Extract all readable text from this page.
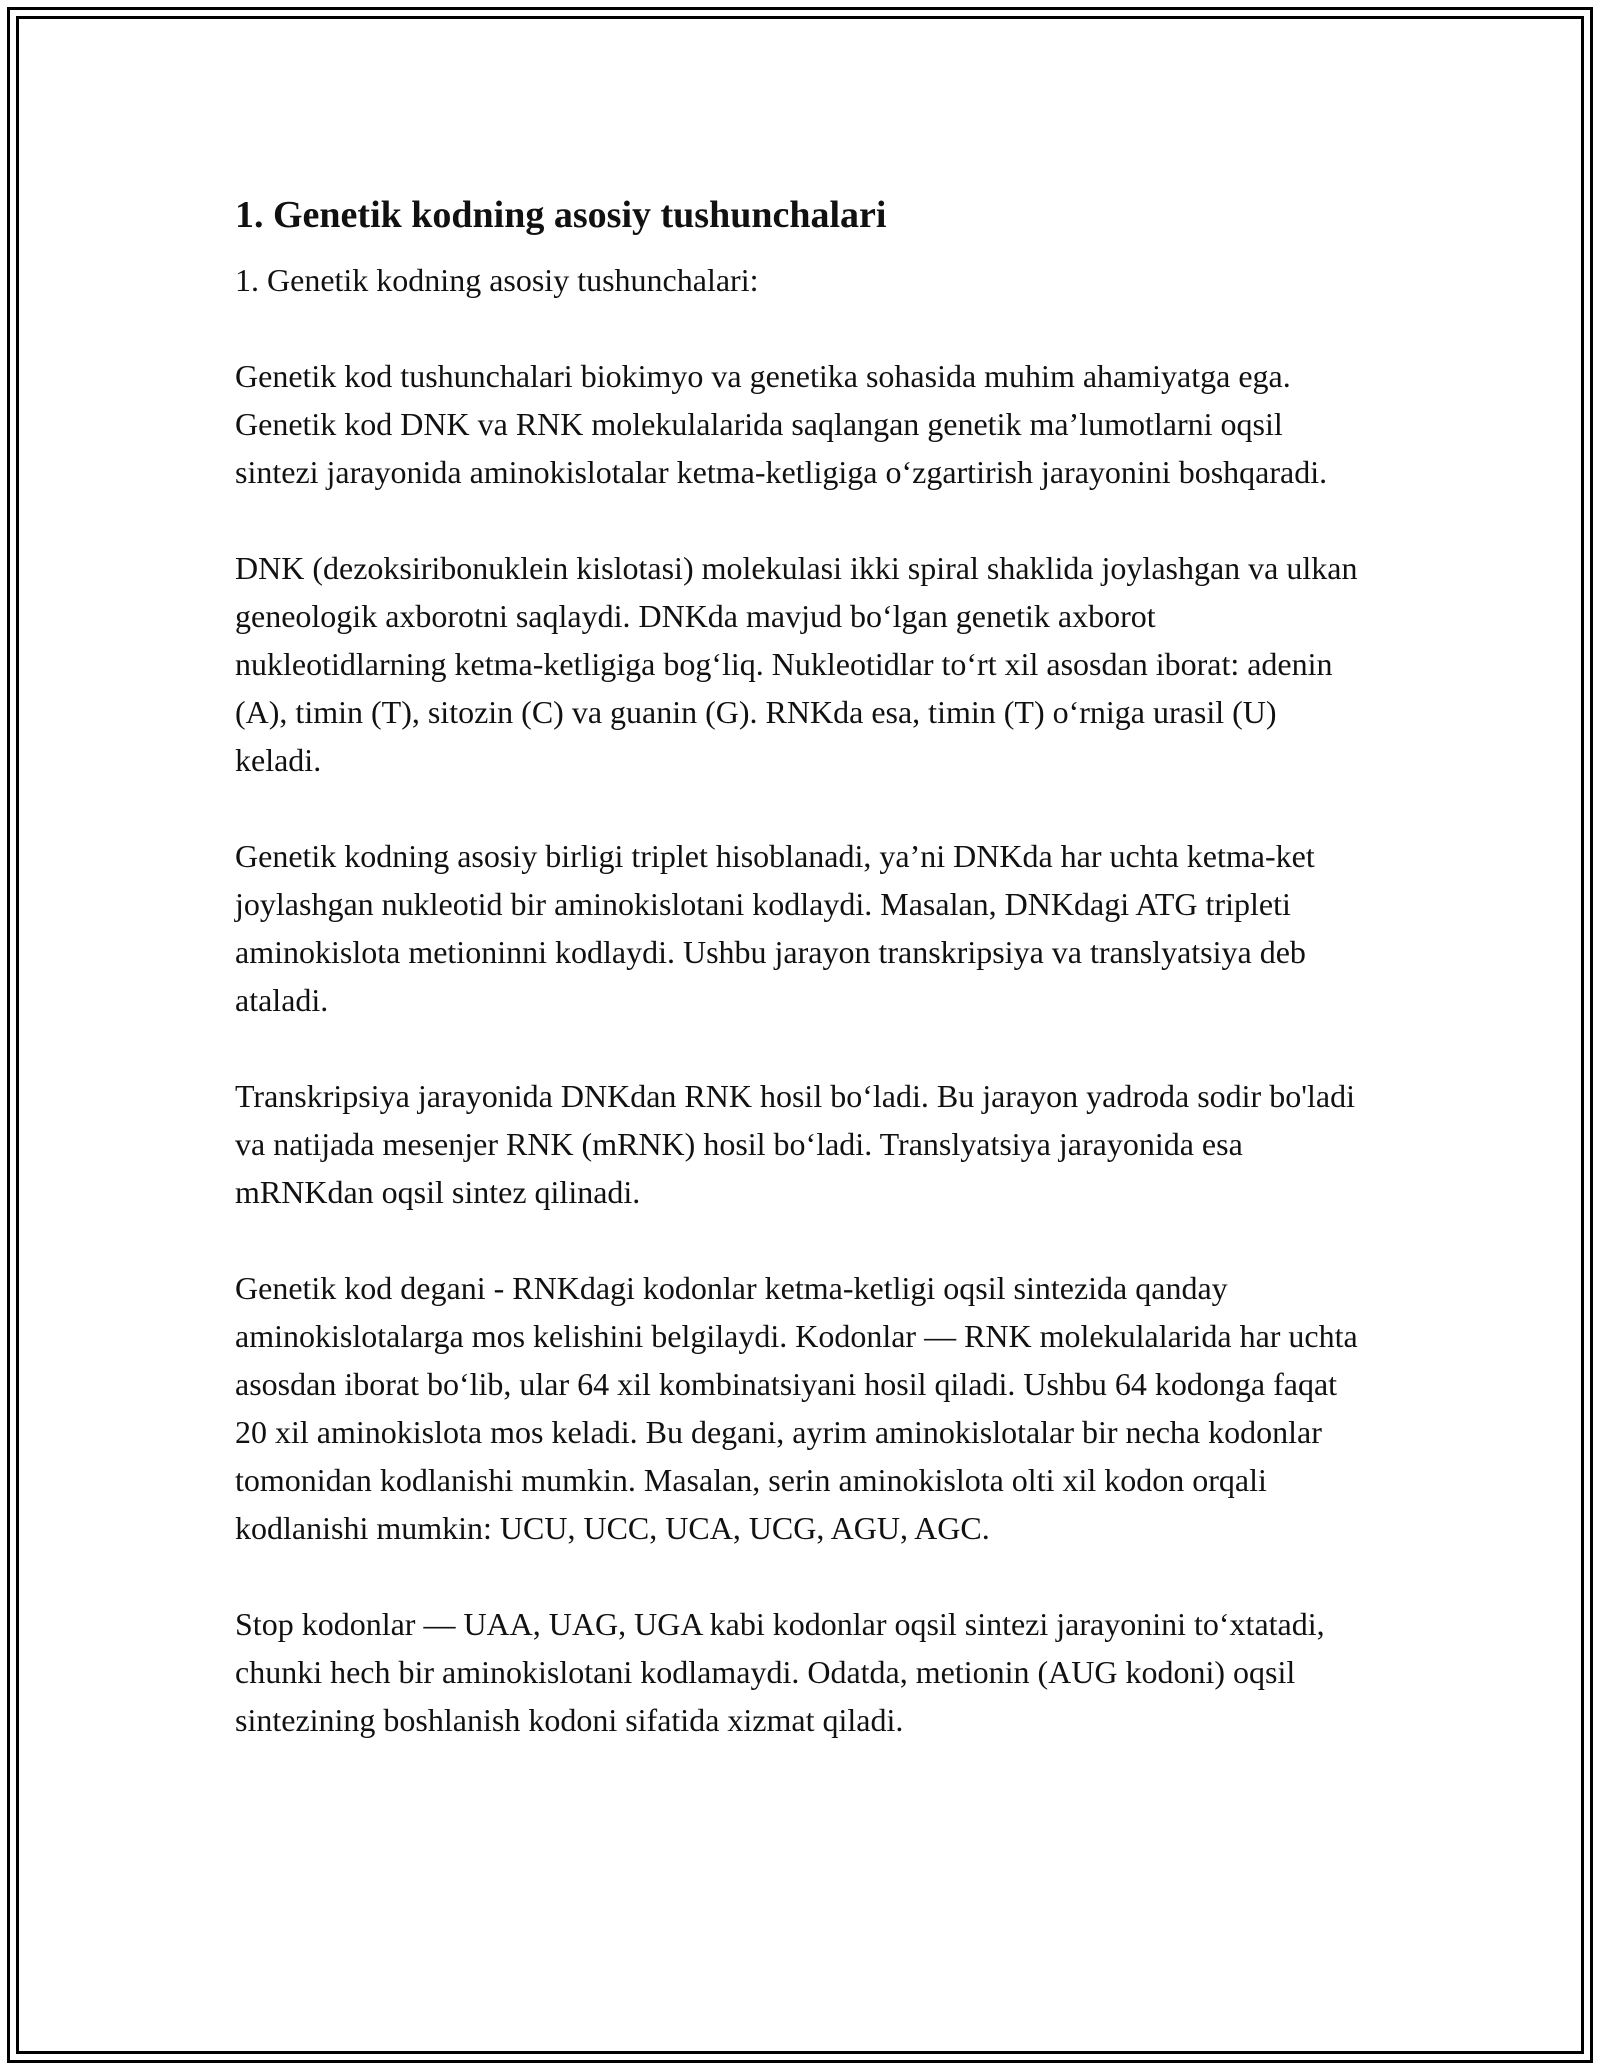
1. Genetik kodning asosiy tushunchalari

1. Genetik kodning asosiy tushunchalari:

Genetik kod tushunchalari biokimyo va genetika sohasida muhim ahamiyatga ega. Genetik kod DNK va RNK molekulalarida saqlangan genetik ma’lumotlarni oqsil sintezi jarayonida aminokislotalar ketma-ketligiga o‘zgartirish jarayonini boshqaradi.

DNK (dezoksiribonuklein kislotasi) molekulasi ikki spiral shaklida joylashgan va ulkan geneologik axborotni saqlaydi. DNKda mavjud bo‘lgan genetik axborot nukleotidlarning ketma-ketligiga bog‘liq. Nukleotidlar to‘rt xil asosdan iborat: adenin (A), timin (T), sitozin (C) va guanin (G). RNKda esa, timin (T) o‘rniga urasil (U) keladi.

Genetik kodning asosiy birligi triplet hisoblanadi, ya’ni DNKda har uchta ketma-ket joylashgan nukleotid bir aminokislotani kodlaydi. Masalan, DNKdagi ATG tripleti aminokislota metioninni kodlaydi. Ushbu jarayon transkripsiya va translyatsiya deb ataladi.

Transkripsiya jarayonida DNKdan RNK hosil bo‘ladi. Bu jarayon yadroda sodir bo'ladi va natijada mesenjer RNK (mRNK) hosil bo‘ladi. Translyatsiya jarayonida esa mRNKdan oqsil sintez qilinadi.

Genetik kod degani - RNKdagi kodonlar ketma-ketligi oqsil sintezida qanday aminokislotalarga mos kelishini belgilaydi. Kodonlar — RNK molekulalarida har uchta asosdan iborat bo‘lib, ular 64 xil kombinatsiyani hosil qiladi. Ushbu 64 kodonga faqat 20 xil aminokislota mos keladi. Bu degani, ayrim aminokislotalar bir necha kodonlar tomonidan kodlanishi mumkin. Masalan, serin aminokislota olti xil kodon orqali kodlanishi mumkin: UCU, UCC, UCA, UCG, AGU, AGC.

Stop kodonlar — UAA, UAG, UGA kabi kodonlar oqsil sintezi jarayonini to‘xtatadi, chunki hech bir aminokislotani kodlamaydi. Odatda, metionin (AUG kodoni) oqsil sintezining boshlanish kodoni sifatida xizmat qiladi.
